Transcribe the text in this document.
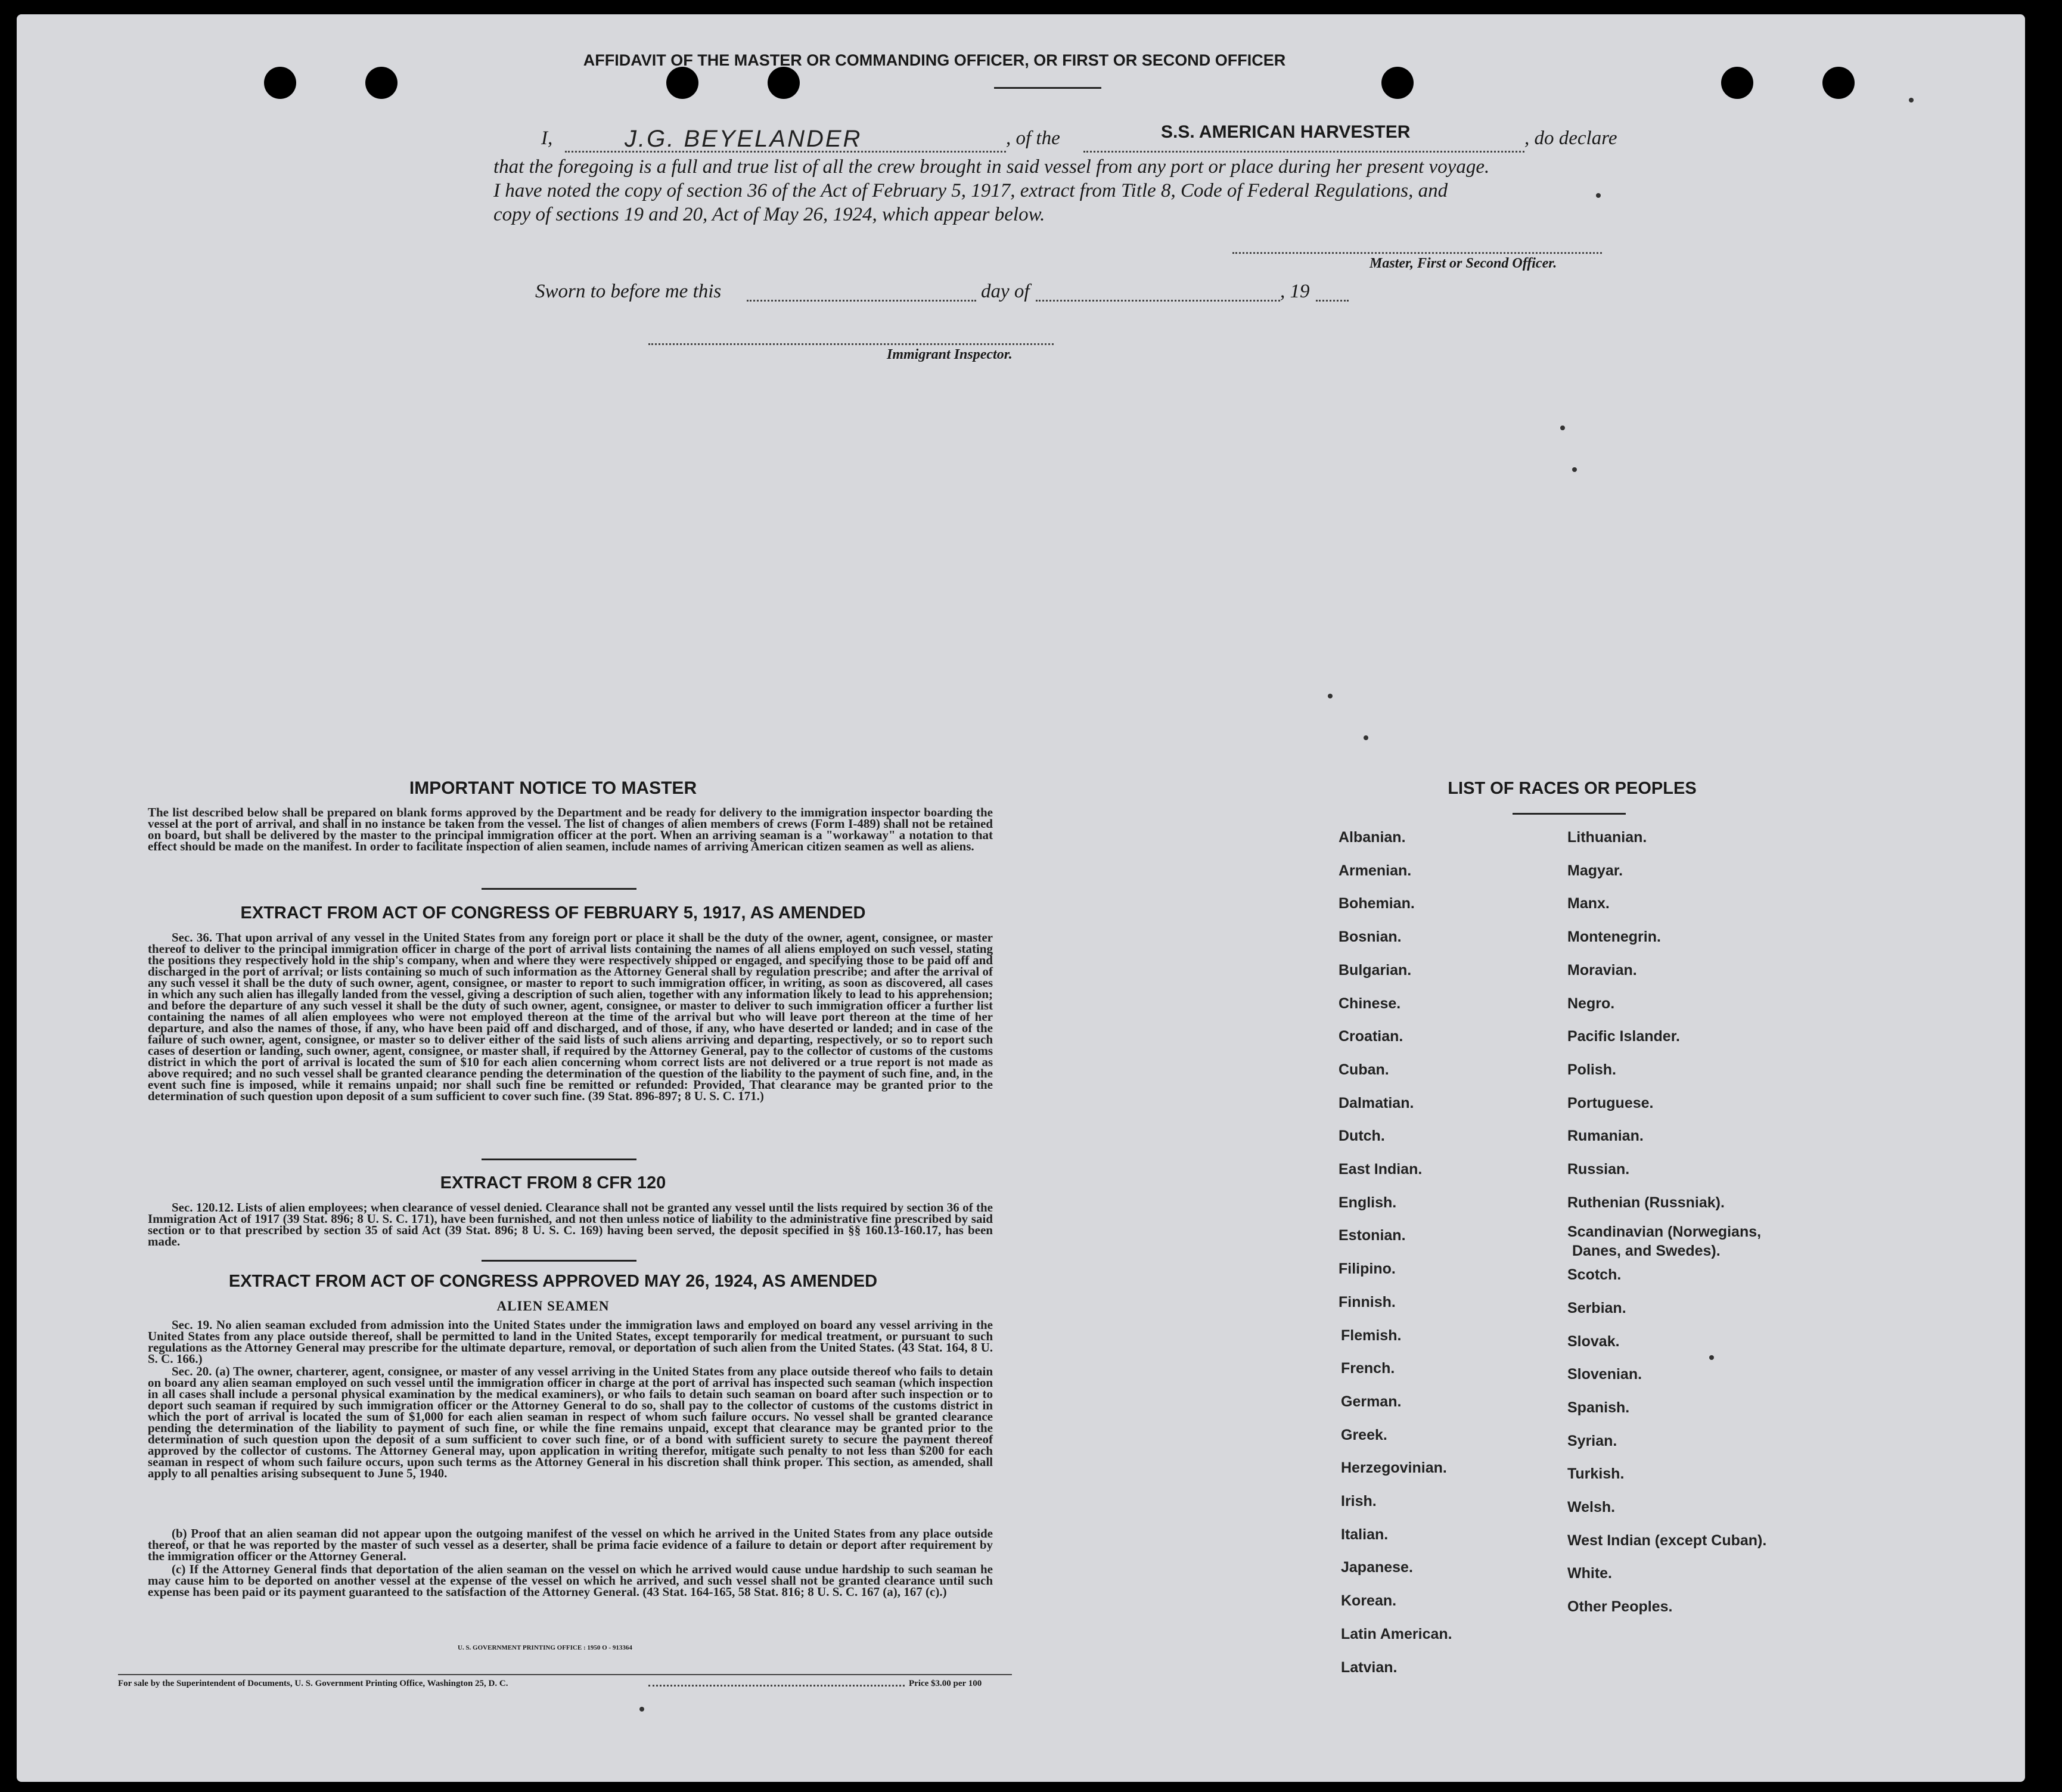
AFFIDAVIT OF THE MASTER OR COMMANDING OFFICER, OR FIRST OR SECOND OFFICER
I,	J.G. BEYELANDER	, of the	S.S. AMERICAN HARVESTER	, do declare
that the foregoing is a full and true list of all the crew brought in said vessel from any port or place during her present voyage.
I have noted the copy of section 36 of the Act of February 5, 1917, extract from Title 8, Code of Federal Regulations, and
copy of sections 19 and 20, Act of May 26, 1924, which appear below.
Master, First or Second Officer.
Sworn to before me this	day of	, 19
Immigrant Inspector.
IMPORTANT NOTICE TO MASTER

The list described below shall be prepared on blank forms approved by the Department and be ready for delivery to the immigration inspector boarding the vessel at the port of arrival, and shall in no instance be taken from the vessel. The list of changes of alien members of crews (Form I-489) shall not be retained on board, but shall be delivered by the master to the principal immigration officer at the port. When an arriving seaman is a "workaway" a notation to that effect should be made on the manifest. In order to facilitate inspection of alien seamen, include names of arriving American citizen seamen as well as aliens.

EXTRACT FROM ACT OF CONGRESS OF FEBRUARY 5, 1917, AS AMENDED

Sec. 36. That upon arrival of any vessel in the United States from any foreign port or place it shall be the duty of the owner, agent, consignee, or master thereof to deliver to the principal immigration officer in charge of the port of arrival lists containing the names of all aliens employed on such vessel, stating the positions they respectively hold in the ship's company, when and where they were respectively shipped or engaged, and specifying those to be paid off and discharged in the port of arrival; or lists containing so much of such information as the Attorney General shall by regulation prescribe; and after the arrival of any such vessel it shall be the duty of such owner, agent, consignee, or master to report to such immigration officer, in writing, as soon as discovered, all cases in which any such alien has illegally landed from the vessel, giving a description of such alien, together with any information likely to lead to his apprehension; and before the departure of any such vessel it shall be the duty of such owner, agent, consignee, or master to deliver to such immigration officer a further list containing the names of all alien employees who were not employed thereon at the time of the arrival but who will leave port thereon at the time of her departure, and also the names of those, if any, who have been paid off and discharged, and of those, if any, who have deserted or landed; and in case of the failure of such owner, agent, consignee, or master so to deliver either of the said lists of such aliens arriving and departing, respectively, or so to report such cases of desertion or landing, such owner, agent, consignee, or master shall, if required by the Attorney General, pay to the collector of customs of the customs district in which the port of arrival is located the sum of $10 for each alien concerning whom correct lists are not delivered or a true report is not made as above required; and no such vessel shall be granted clearance pending the determination of the question of the liability to the payment of such fine, and, in the event such fine is imposed, while it remains unpaid; nor shall such fine be remitted or refunded: Provided, That clearance may be granted prior to the determination of such question upon deposit of a sum sufficient to cover such fine. (39 Stat. 896-897; 8 U. S. C. 171.)

EXTRACT FROM 8 CFR 120

Sec. 120.12. Lists of alien employees; when clearance of vessel denied. Clearance shall not be granted any vessel until the lists required by section 36 of the Immigration Act of 1917 (39 Stat. 896; 8 U. S. C. 171), have been furnished, and not then unless notice of liability to the administrative fine prescribed by said section or to that prescribed by section 35 of said Act (39 Stat. 896; 8 U. S. C. 169) having been served, the deposit specified in §§ 160.13-160.17, has been made.

EXTRACT FROM ACT OF CONGRESS APPROVED MAY 26, 1924, AS AMENDED
ALIEN SEAMEN

Sec. 19. No alien seaman excluded from admission into the United States under the immigration laws and employed on board any vessel arriving in the United States from any place outside thereof, shall be permitted to land in the United States, except temporarily for medical treatment, or pursuant to such regulations as the Attorney General may prescribe for the ultimate departure, removal, or deportation of such alien from the United States. (43 Stat. 164, 8 U. S. C. 166.)

Sec. 20. (a) The owner, charterer, agent, consignee, or master of any vessel arriving in the United States from any place outside thereof who fails to detain on board any alien seaman employed on such vessel until the immigration officer in charge at the port of arrival has inspected such seaman (which inspection in all cases shall include a personal physical examination by the medical examiners), or who fails to detain such seaman on board after such inspection or to deport such seaman if required by such immigration officer or the Attorney General to do so, shall pay to the collector of customs of the customs district in which the port of arrival is located the sum of $1,000 for each alien seaman in respect of whom such failure occurs. No vessel shall be granted clearance pending the determination of the liability to payment of such fine, or while the fine remains unpaid, except that clearance may be granted prior to the determination of such question upon the deposit of a sum sufficient to cover such fine, or of a bond with sufficient surety to secure the payment thereof approved by the collector of customs. The Attorney General may, upon application in writing therefor, mitigate such penalty to not less than $200 for each seaman in respect of whom such failure occurs, upon such terms as the Attorney General in his discretion shall think proper. This section, as amended, shall apply to all penalties arising subsequent to June 5, 1940.

(b) Proof that an alien seaman did not appear upon the outgoing manifest of the vessel on which he arrived in the United States from any place outside thereof, or that he was reported by the master of such vessel as a deserter, shall be prima facie evidence of a failure to detain or deport after requirement by the immigration officer or the Attorney General.

(c) If the Attorney General finds that deportation of the alien seaman on the vessel on which he arrived would cause undue hardship to such seaman he may cause him to be deported on another vessel at the expense of the vessel on which he arrived, and such vessel shall not be granted clearance until such expense has been paid or its payment guaranteed to the satisfaction of the Attorney General. (43 Stat. 164-165, 58 Stat. 816; 8 U. S. C. 167 (a), 167 (c).)

U. S. GOVERNMENT PRINTING OFFICE : 1950 O - 913364
For sale by the Superintendent of Documents, U. S. Government Printing Office, Washington 25, D. C.	Price $3.00 per 100
LIST OF RACES OR PEOPLES
Albanian.
Armenian.
Bohemian.
Bosnian.
Bulgarian.
Chinese.
Croatian.
Cuban.
Dalmatian.
Dutch.
East Indian.
English.
Estonian.
Filipino.
Finnish.
Flemish.
French.
German.
Greek.
Herzegovinian.
Irish.
Italian.
Japanese.
Korean.
Latin American.
Latvian.
Lithuanian.
Magyar.
Manx.
Montenegrin.
Moravian.
Negro.
Pacific Islander.
Polish.
Portuguese.
Rumanian.
Russian.
Ruthenian (Russniak).
Scandinavian (Norwegians,
Danes, and Swedes).
Scotch.
Serbian.
Slovak.
Slovenian.
Spanish.
Syrian.
Turkish.
Welsh.
West Indian (except Cuban).
White.
Other Peoples.
